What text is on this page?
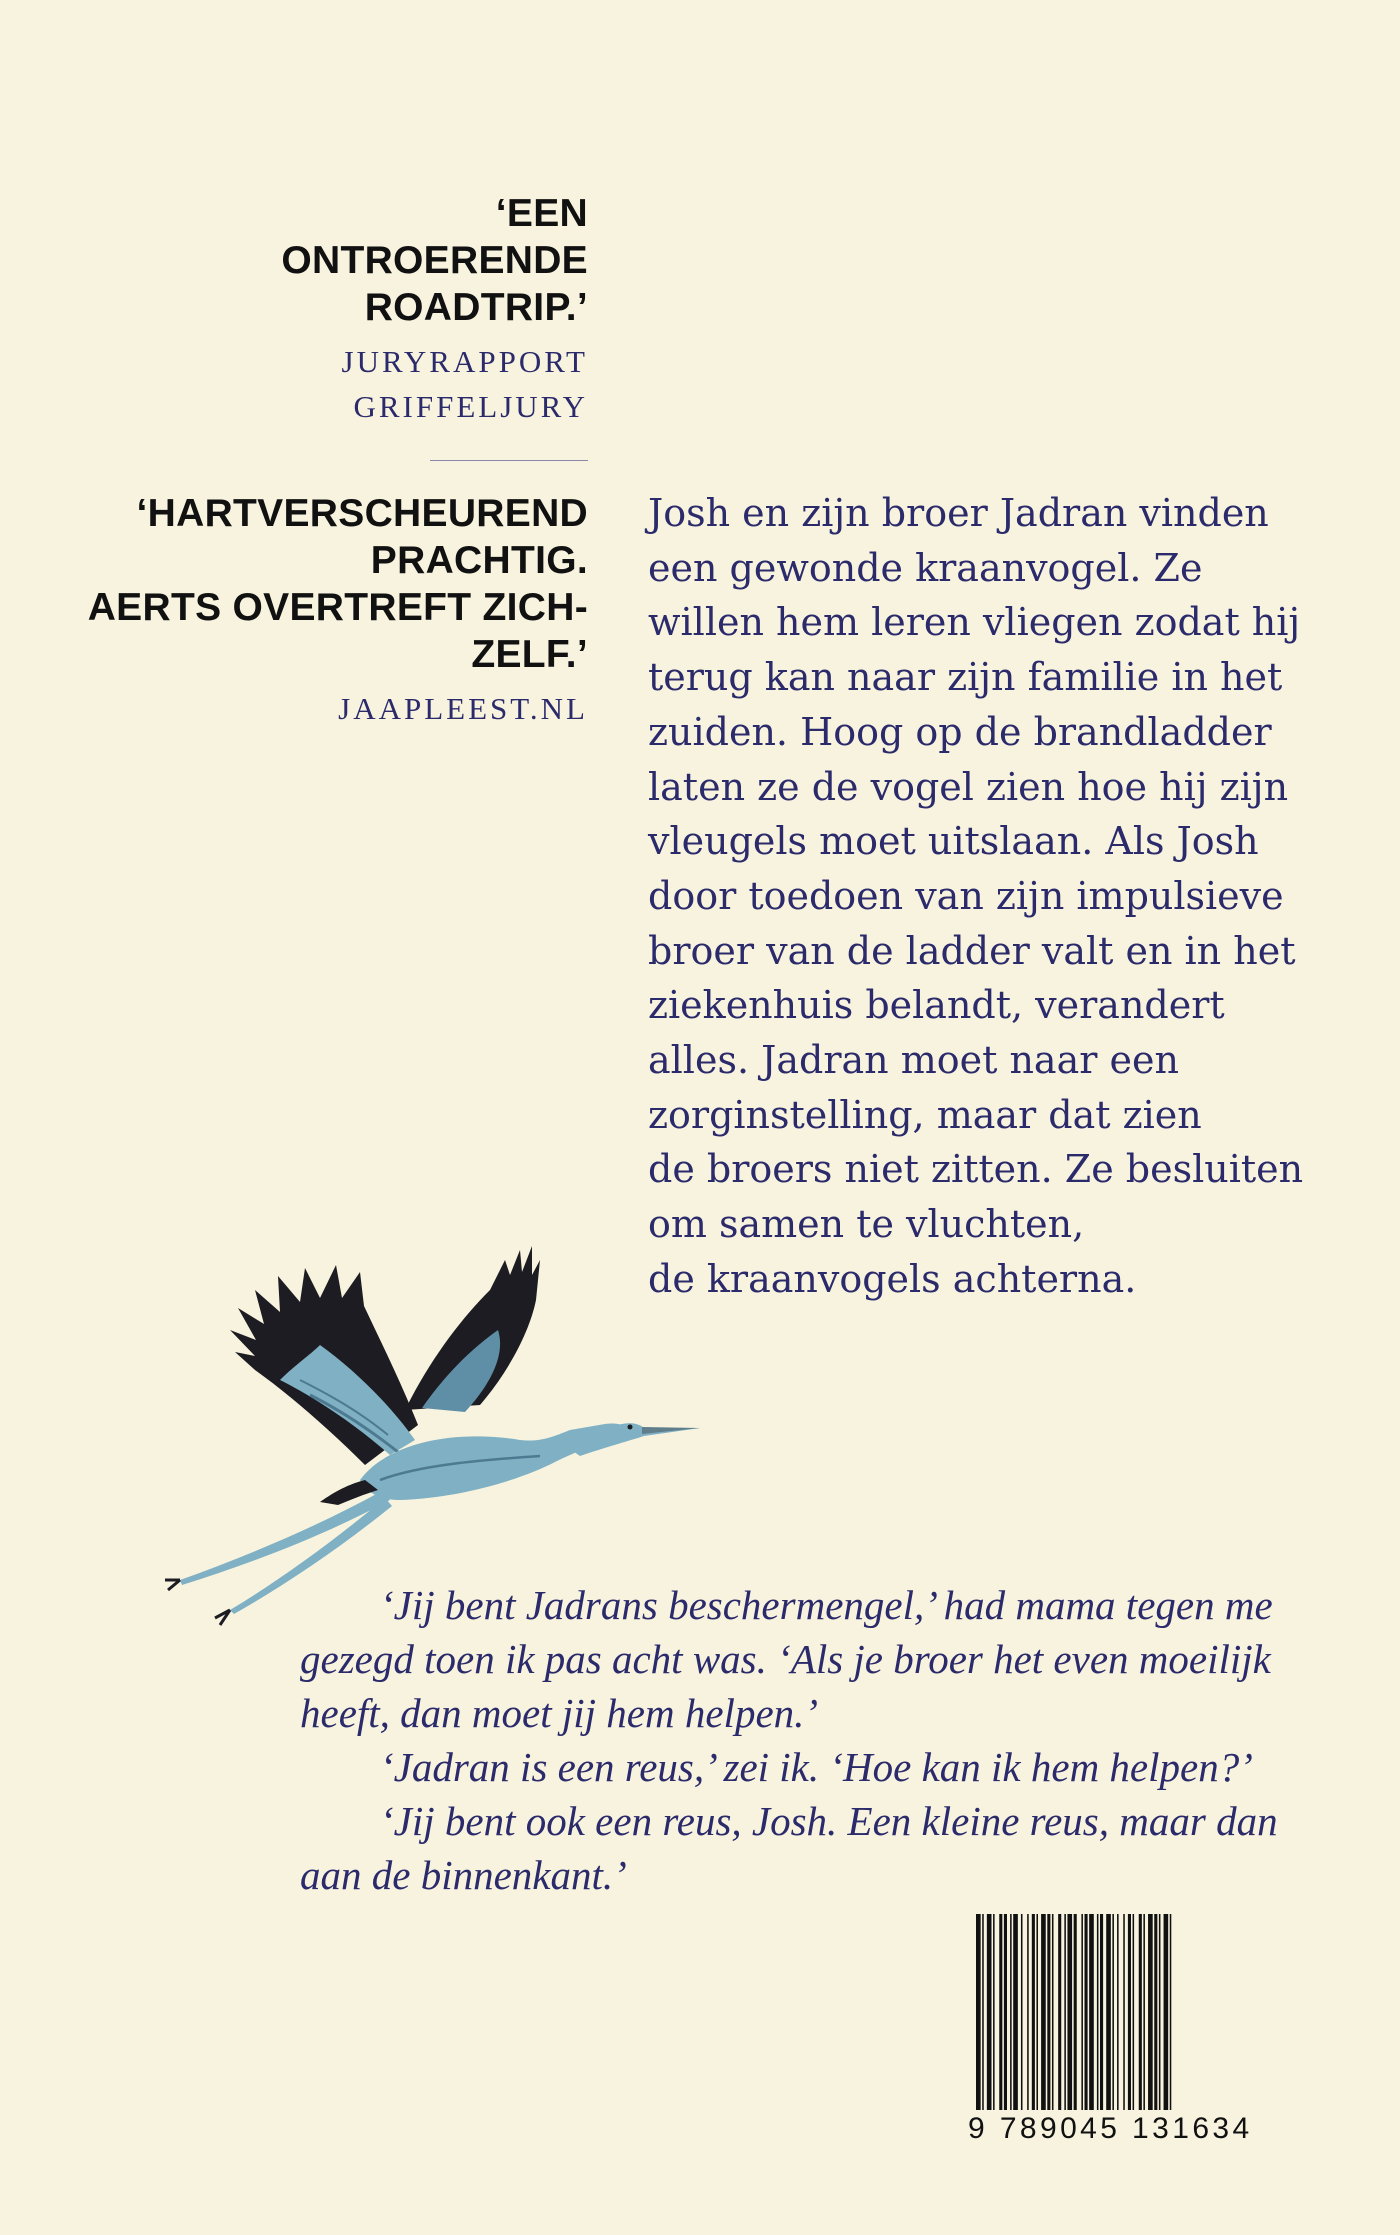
‘EEN
ONTROERENDE
ROADTRIP.’

JURYRAPPORT
GRIFFELJURY

‘HARTVERSCHEUREND
PRACHTIG.
AERTS OVERTREFT ZICH-
ZELF.’

JAAPLEEST.NL

Josh en zijn broer Jadran vinden
een gewonde kraanvogel. Ze
willen hem leren vliegen zodat hij
terug kan naar zijn familie in het
zuiden. Hoog op de brandladder
laten ze de vogel zien hoe hij zijn
vleugels moet uitslaan. Als Josh
door toedoen van zijn impulsieve
broer van de ladder valt en in het
ziekenhuis belandt, verandert
alles. Jadran moet naar een
zorginstelling, maar dat zien
de broers niet zitten. Ze besluiten
om samen te vluchten,
de kraanvogels achterna.

‘Jij bent Jadrans beschermengel,’ had mama tegen me
gezegd toen ik pas acht was. ‘Als je broer het even moeilijk
heeft, dan moet jij hem helpen.’
‘Jadran is een reus,’ zei ik. ‘Hoe kan ik hem helpen?’
‘Jij bent ook een reus, Josh. Een kleine reus, maar dan
aan de binnenkant.’

9 789045 131634
